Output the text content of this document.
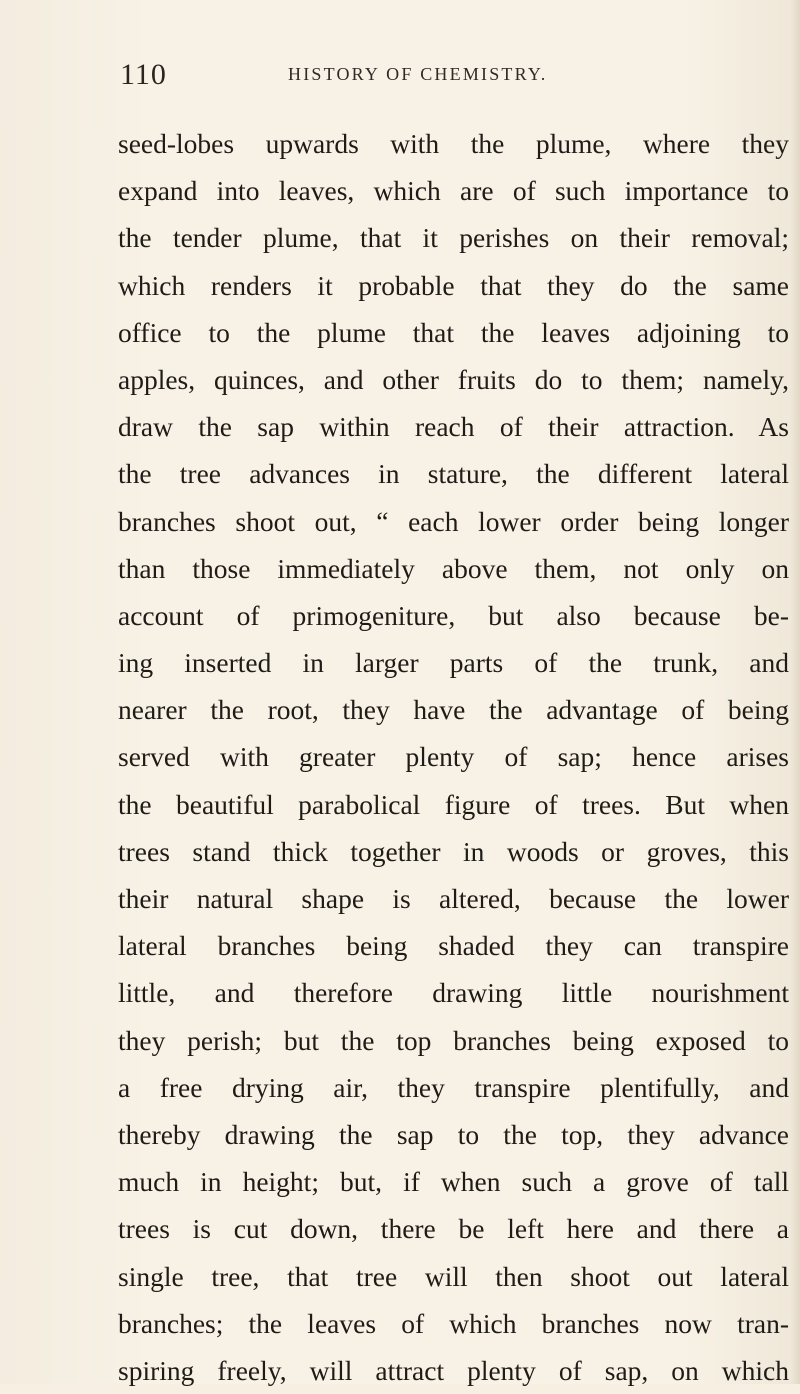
110	HISTORY OF CHEMISTRY.
seed-lobes upwards with the plume, where they
expand into leaves, which are of such importance to
the tender plume, that it perishes on their removal;
which renders it probable that they do the same
office to the plume that the leaves adjoining to
apples, quinces, and other fruits do to them; namely,
draw the sap within reach of their attraction. As
the tree advances in stature, the different lateral
branches shoot out, “ each lower order being longer
than those immediately above them, not only on
account of primogeniture, but also because be-
ing inserted in larger parts of the trunk, and
nearer the root, they have the advantage of being
served with greater plenty of sap; hence arises
the beautiful parabolical figure of trees. But when
trees stand thick together in woods or groves, this
their natural shape is altered, because the lower
lateral branches being shaded they can transpire
little, and therefore drawing little nourishment
they perish; but the top branches being exposed to
a free drying air, they transpire plentifully, and
thereby drawing the sap to the top, they advance
much in height; but, if when such a grove of tall
trees is cut down, there be left here and there a
single tree, that tree will then shoot out lateral
branches; the leaves of which branches now tran-
spiring freely, will attract plenty of sap, on which
